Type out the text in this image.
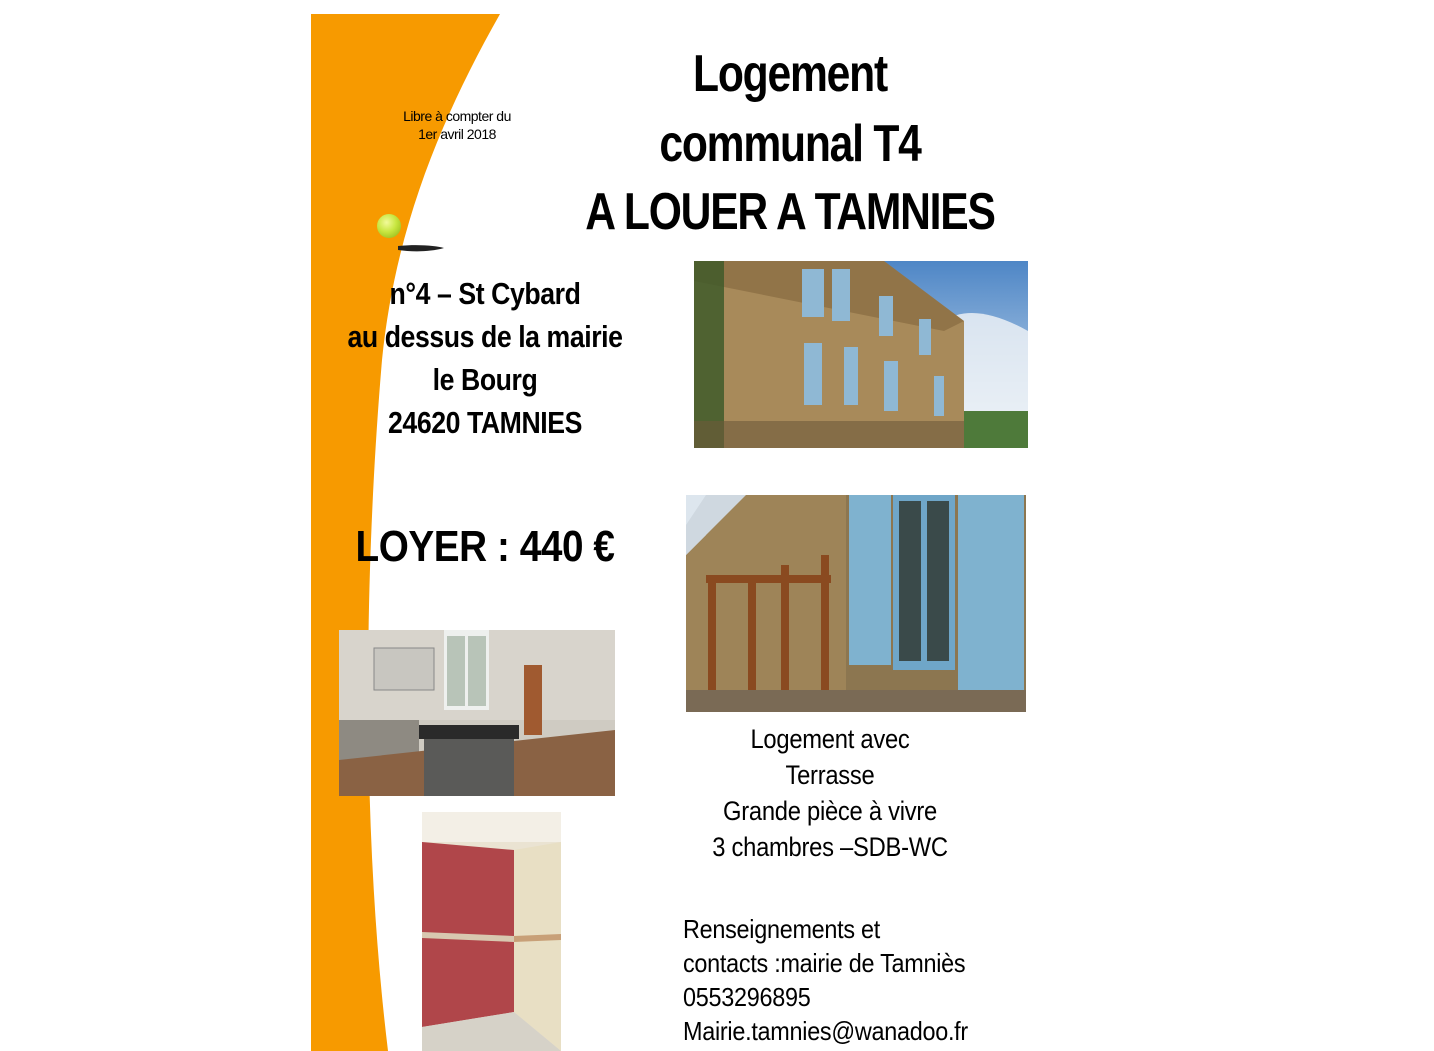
Logement
communal T4
A LOUER A TAMNIES
Libre à compter du
1er avril 2018
n°4 – St Cybard
au dessus de la mairie
le Bourg
24620 TAMNIES
LOYER : 440 €
Logement avec
Terrasse
Grande pièce à vivre
3 chambres –SDB-WC
Renseignements et
contacts :mairie de Tamniès
0553296895
Mairie.tamnies@wanadoo.fr
